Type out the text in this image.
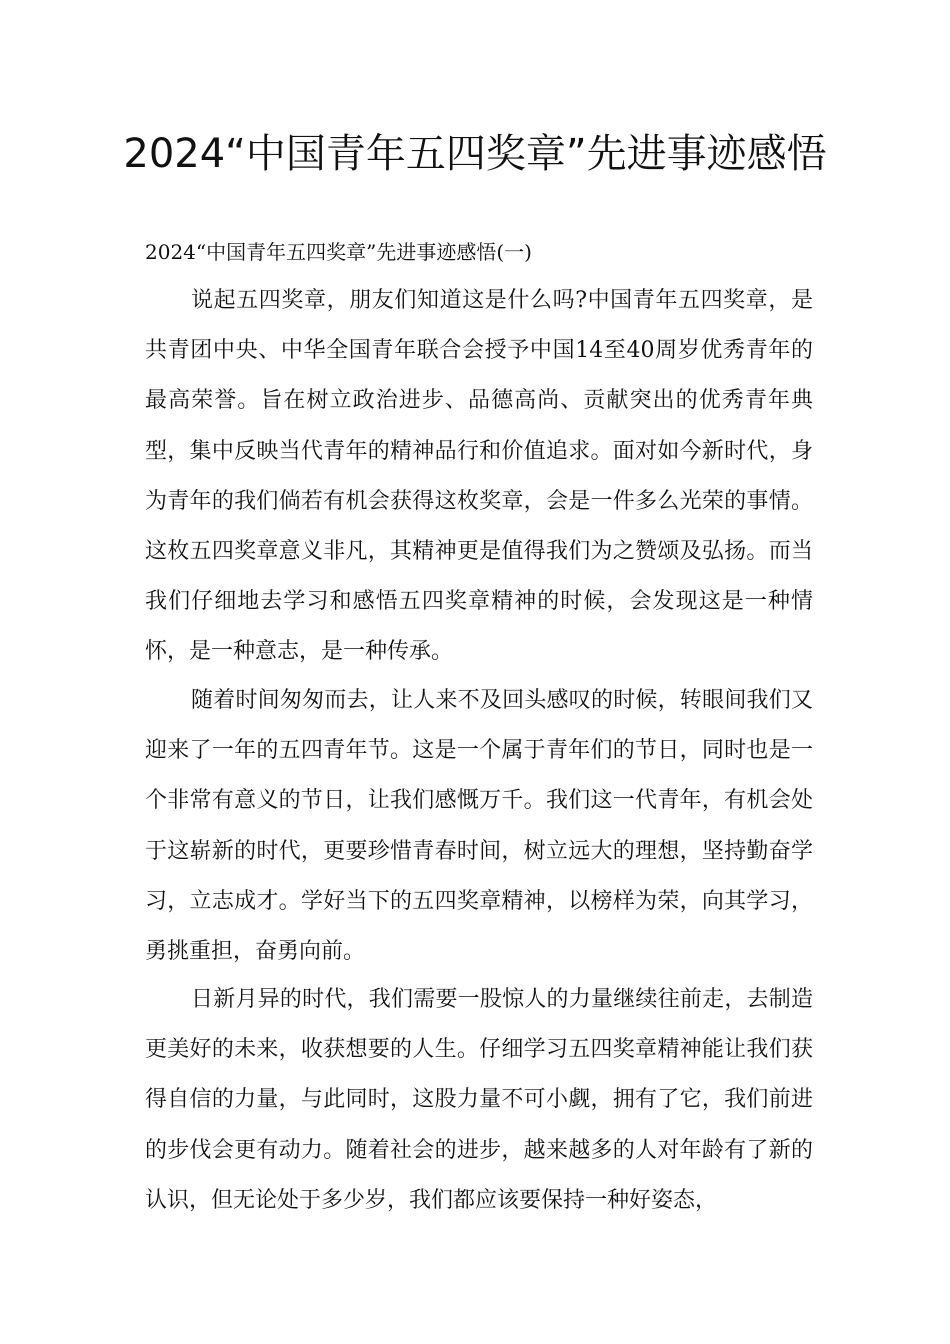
2024“中国青年五四奖章”先进事迹感悟

2024“中国青年五四奖章”先进事迹感悟(一)

说起五四奖章，朋友们知道这是什么吗?中国青年五四奖章，是共青团中央、中华全国青年联合会授予中国14至40周岁优秀青年的最高荣誉。旨在树立政治进步、品德高尚、贡献突出的优秀青年典型，集中反映当代青年的精神品行和价值追求。面对如今新时代，身为青年的我们倘若有机会获得这枚奖章，会是一件多么光荣的事情。这枚五四奖章意义非凡，其精神更是值得我们为之赞颂及弘扬。而当我们仔细地去学习和感悟五四奖章精神的时候，会发现这是一种情怀，是一种意志，是一种传承。

随着时间匆匆而去，让人来不及回头感叹的时候，转眼间我们又迎来了一年的五四青年节。这是一个属于青年们的节日，同时也是一个非常有意义的节日，让我们感慨万千。我们这一代青年，有机会处于这崭新的时代，更要珍惜青春时间，树立远大的理想，坚持勤奋学习，立志成才。学好当下的五四奖章精神，以榜样为荣，向其学习，勇挑重担，奋勇向前。

日新月异的时代，我们需要一股惊人的力量继续往前走，去制造更美好的未来，收获想要的人生。仔细学习五四奖章精神能让我们获得自信的力量，与此同时，这股力量不可小觑，拥有了它，我们前进的步伐会更有动力。随着社会的进步，越来越多的人对年龄有了新的认识，但无论处于多少岁，我们都应该要保持一种好姿态，
